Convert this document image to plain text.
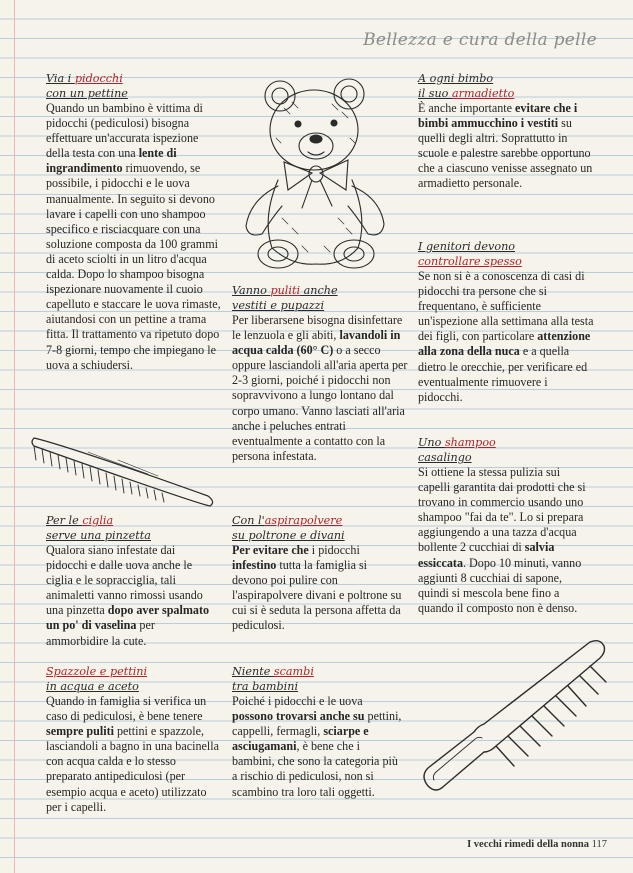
Bellezza e cura della pelle
Via i pidocchi
con un pettine
Quando un bambino è vittima di pidocchi (pediculosi) bisogna effettuare un'accurata ispezione della testa con una lente di ingrandimento rimuovendo, se possibile, i pidocchi e le uova manualmente. In seguito si devono lavare i capelli con uno shampoo specifico e risciacquare con una soluzione composta da 100 grammi di aceto sciolti in un litro d'acqua calda. Dopo lo shampoo bisogna ispezionare nuovamente il cuoio capelluto e staccare le uova rimaste, aiutandosi con un pettine a trama fitta. Il trattamento va ripetuto dopo 7-8 giorni, tempo che impiegano le uova a schiudersi.
Per le ciglia
serve una pinzetta
Qualora siano infestate dai pidocchi e dalle uova anche le ciglia e le sopracciglia, tali animaletti vanno rimossi usando una pinzetta dopo aver spalmato un po' di vaselina per ammorbidire la cute.
Spazzole e pettini
in acqua e aceto
Quando in famiglia si verifica un caso di pediculosi, è bene tenere sempre puliti pettini e spazzole, lasciandoli a bagno in una bacinella con acqua calda e lo stesso preparato antipediculosi (per esempio acqua e aceto) utilizzato per i capelli.
Vanno puliti anche
vestiti e pupazzi
Per liberarsene bisogna disinfettare le lenzuola e gli abiti, lavandoli in acqua calda (60° C) o a secco oppure lasciandoli all'aria aperta per 2-3 giorni, poiché i pidocchi non sopravvivono a lungo lontano dal corpo umano. Vanno lasciati all'aria anche i peluches entrati eventualmente a contatto con la persona infestata.
Con l'aspirapolvere
su poltrone e divani
Per evitare che i pidocchi infestino tutta la famiglia si devono poi pulire con l'aspirapolvere divani e poltrone su cui si è seduta la persona affetta da pediculosi.
Niente scambi
tra bambini
Poiché i pidocchi e le uova possono trovarsi anche su pettini, cappelli, fermagli, sciarpe e asciugamani, è bene che i bambini, che sono la categoria più a rischio di pediculosi, non si scambino tra loro tali oggetti.
A ogni bimbo
il suo armadietto
È anche importante evitare che i bimbi ammucchino i vestiti su quelli degli altri. Soprattutto in scuole e palestre sarebbe opportuno che a ciascuno venisse assegnato un armadietto personale.
I genitori devono
controllare spesso
Se non si è a conoscenza di casi di pidocchi tra persone che si frequentano, è sufficiente un'ispezione alla settimana alla testa dei figli, con particolare attenzione alla zona della nuca e a quella dietro le orecchie, per verificare ed eventualmente rimuovere i pidocchi.
Uno shampoo
casalingo
Si ottiene la stessa pulizia sui capelli garantita dai prodotti che si trovano in commercio usando uno shampoo "fai da te". Lo si prepara aggiungendo a una tazza d'acqua bollente 2 cucchiai di salvia essiccata. Dopo 10 minuti, vanno aggiunti 8 cucchiai di sapone, quindi si mescola bene fino a quando il composto non è denso.
I vecchi rimedi della nonna 117
